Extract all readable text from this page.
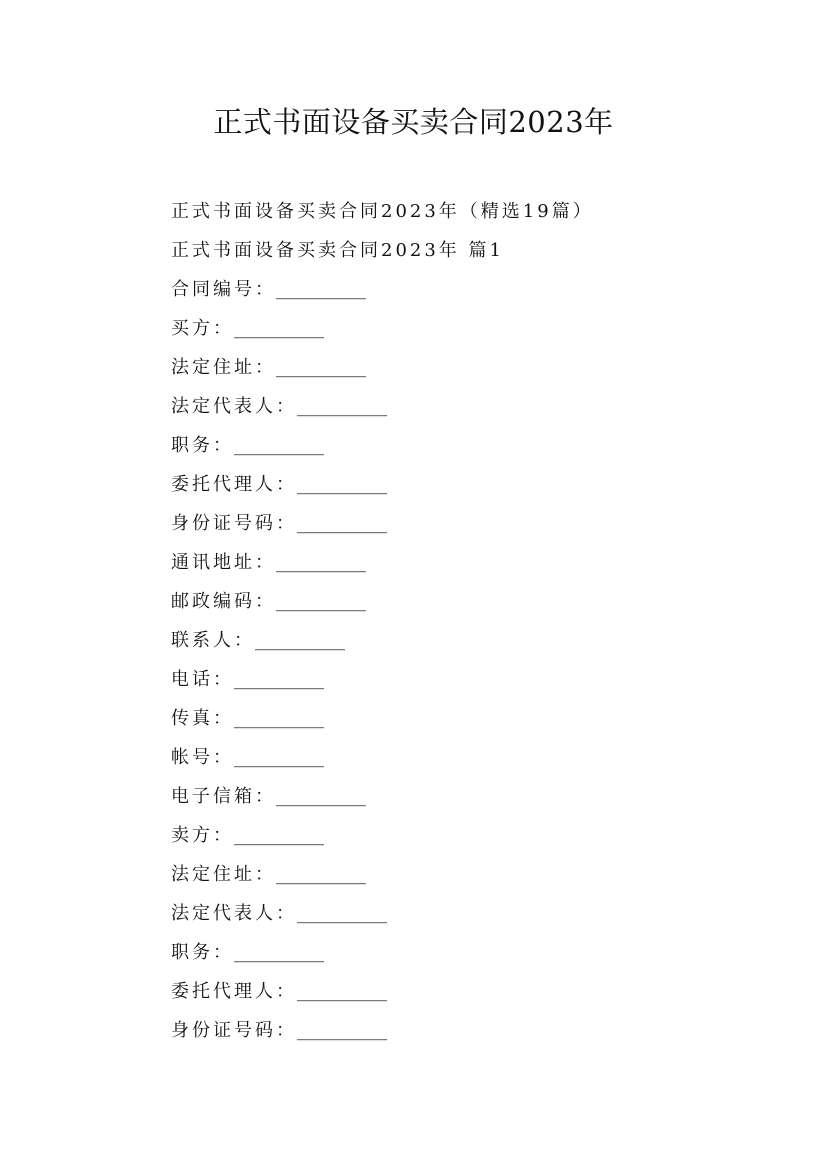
正式书面设备买卖合同2023年
正式书面设备买卖合同2023年（精选19篇）
正式书面设备买卖合同2023年 篇1
合同编号：__________
买方：__________
法定住址：__________
法定代表人：__________
职务：__________
委托代理人：__________
身份证号码：__________
通讯地址：__________
邮政编码：__________
联系人：__________
电话：__________
传真：__________
帐号：__________
电子信箱：__________
卖方：__________
法定住址：__________
法定代表人：__________
职务：__________
委托代理人：__________
身份证号码：__________
